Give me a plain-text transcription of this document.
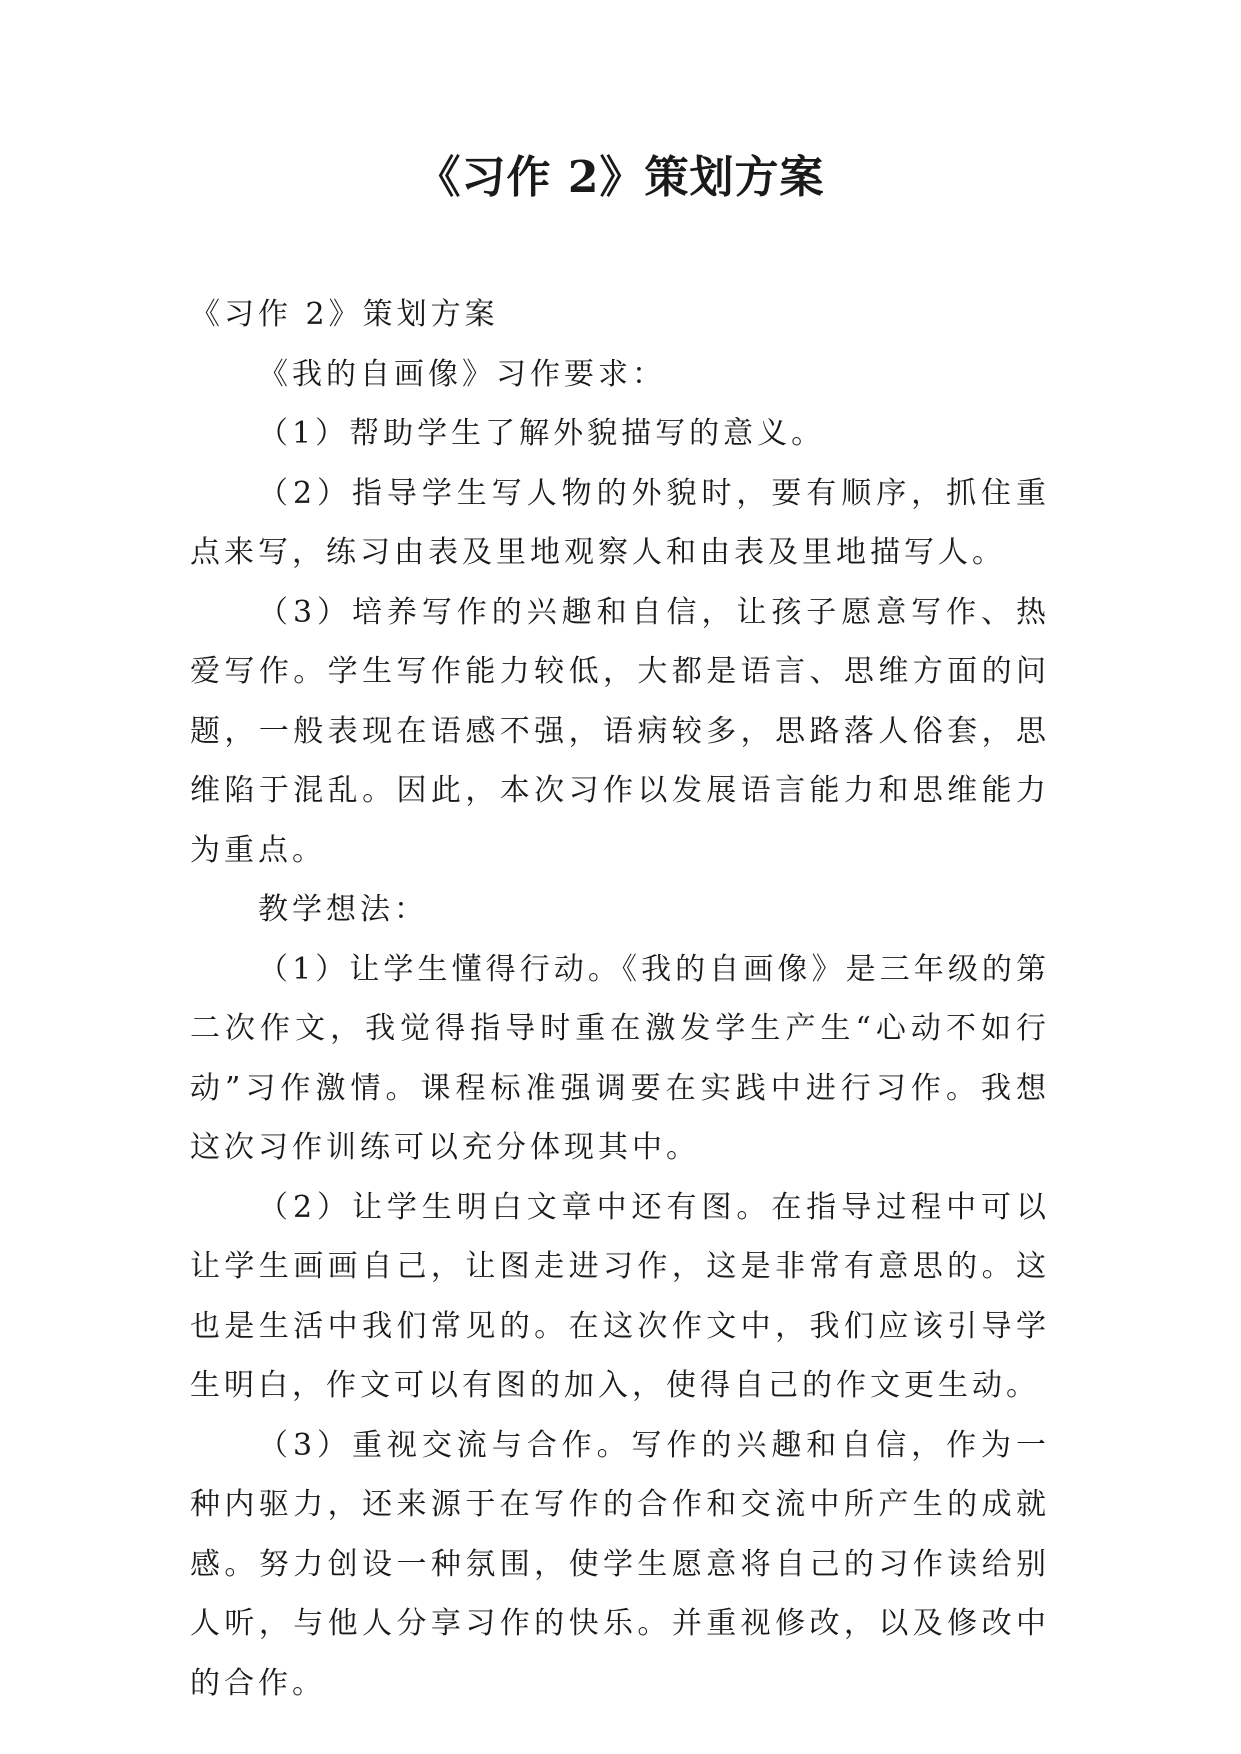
《习作 2》策划方案

《习作 2》策划方案

《我的自画像》习作要求：

（1）帮助学生了解外貌描写的意义。

（2）指导学生写人物的外貌时，要有顺序，抓住重点来写，练习由表及里地观察人和由表及里地描写人。

（3）培养写作的兴趣和自信，让孩子愿意写作、热爱写作。学生写作能力较低，大都是语言、思维方面的问题，一般表现在语感不强，语病较多，思路落人俗套，思维陷于混乱。因此，本次习作以发展语言能力和思维能力为重点。

教学想法：

（1）让学生懂得行动。《我的自画像》是三年级的第二次作文，我觉得指导时重在激发学生产生“心动不如行动”习作激情。课程标准强调要在实践中进行习作。我想这次习作训练可以充分体现其中。

（2）让学生明白文章中还有图。在指导过程中可以让学生画画自己，让图走进习作，这是非常有意思的。这也是生活中我们常见的。在这次作文中，我们应该引导学生明白，作文可以有图的加入，使得自己的作文更生动。

（3）重视交流与合作。写作的兴趣和自信，作为一种内驱力，还来源于在写作的合作和交流中所产生的成就感。努力创设一种氛围，使学生愿意将自己的习作读给别人听，与他人分享习作的快乐。并重视修改，以及修改中的合作。
